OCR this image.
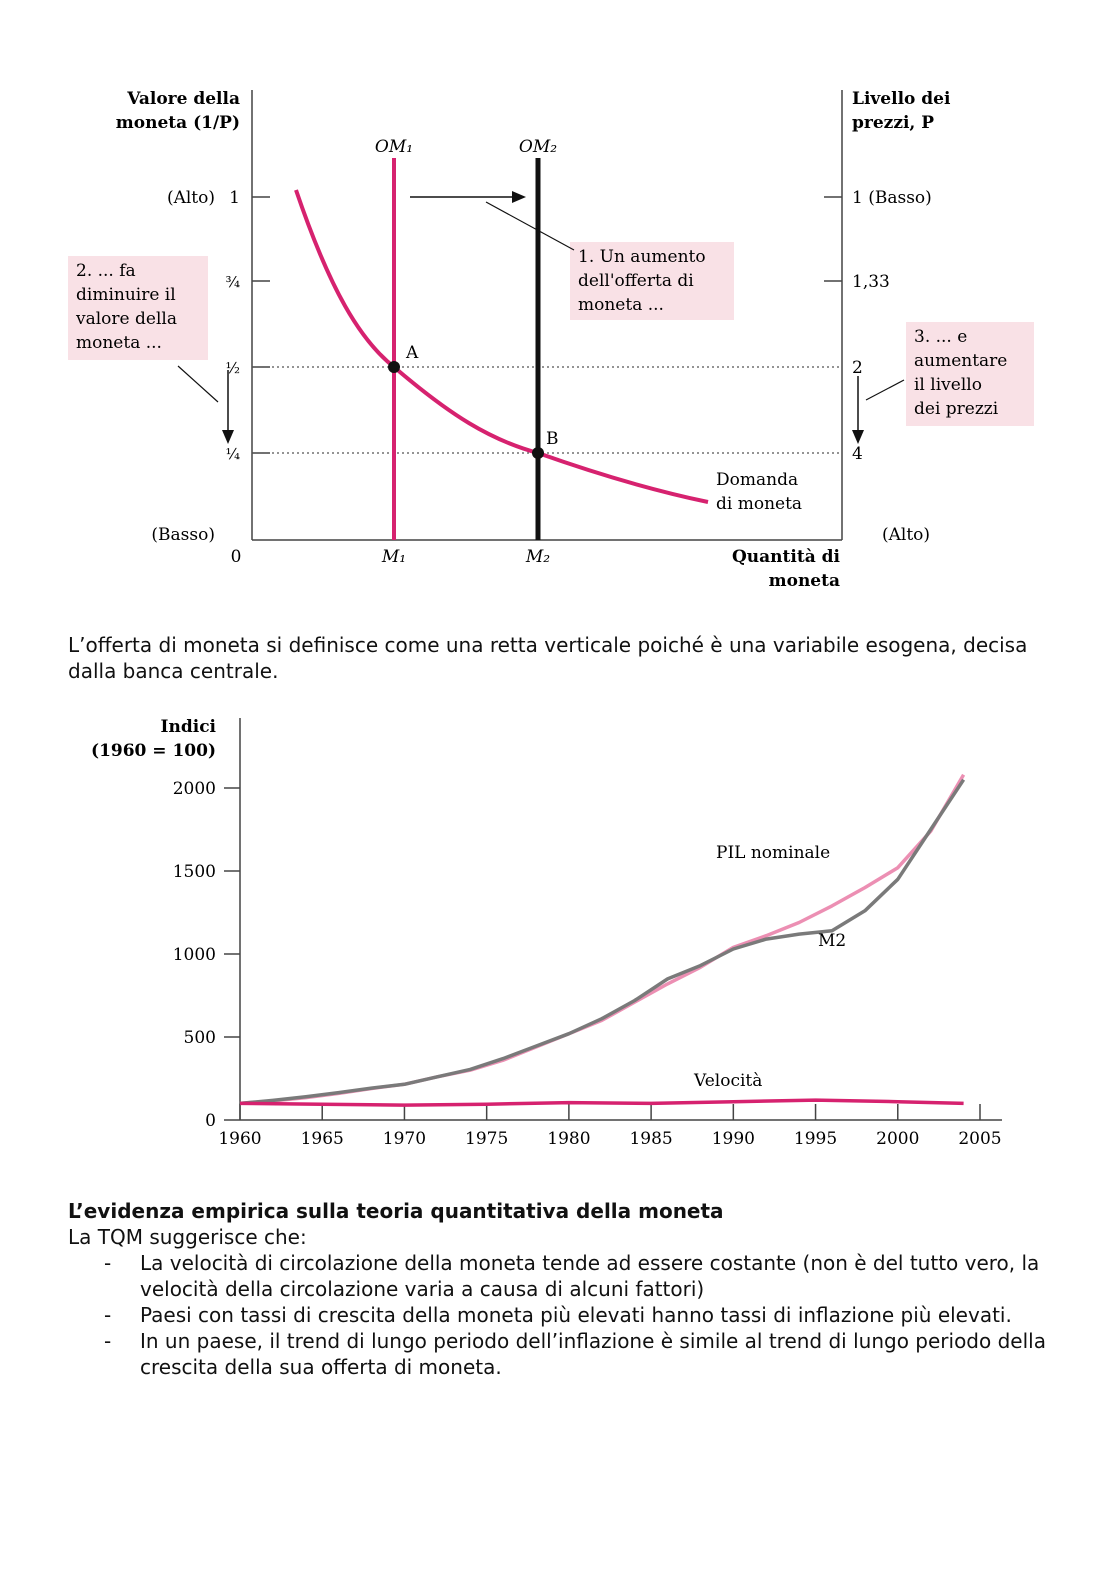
Valore della
moneta (1/P)
Livello dei
prezzi, P
(Alto) 1
¾
½
¼
(Basso)
0
1 (Basso)
1,33
2
4
(Alto)
OM₁	OM₂
M₁	M₂	Quantità di
moneta
A
B
Domanda
di moneta
1. Un aumento
dell'offerta di
moneta ...
2. ... fa
diminuire il
valore della
moneta ...	3. ... e
aumentare
il livello
dei prezzi

L’offerta di moneta si definisce come una retta verticale poiché è una variabile esogena, decisa dalla banca centrale.

Indici
(1960 = 100)
0
500
1000
1500
2000
1960 1965 1970 1975 1980 1985 1990 1995 2000 2005
PIL nominale
M2
Velocità
L’evidenza empirica sulla teoria quantitativa della moneta

La TQM suggerisce che:

- La velocità di circolazione della moneta tende ad essere costante (non è del tutto vero, la velocità della circolazione varia a causa di alcuni fattori)
- Paesi con tassi di crescita della moneta più elevati hanno tassi di inflazione più elevati.
- In un paese, il trend di lungo periodo dell’inflazione è simile al trend di lungo periodo della crescita della sua offerta di moneta.
